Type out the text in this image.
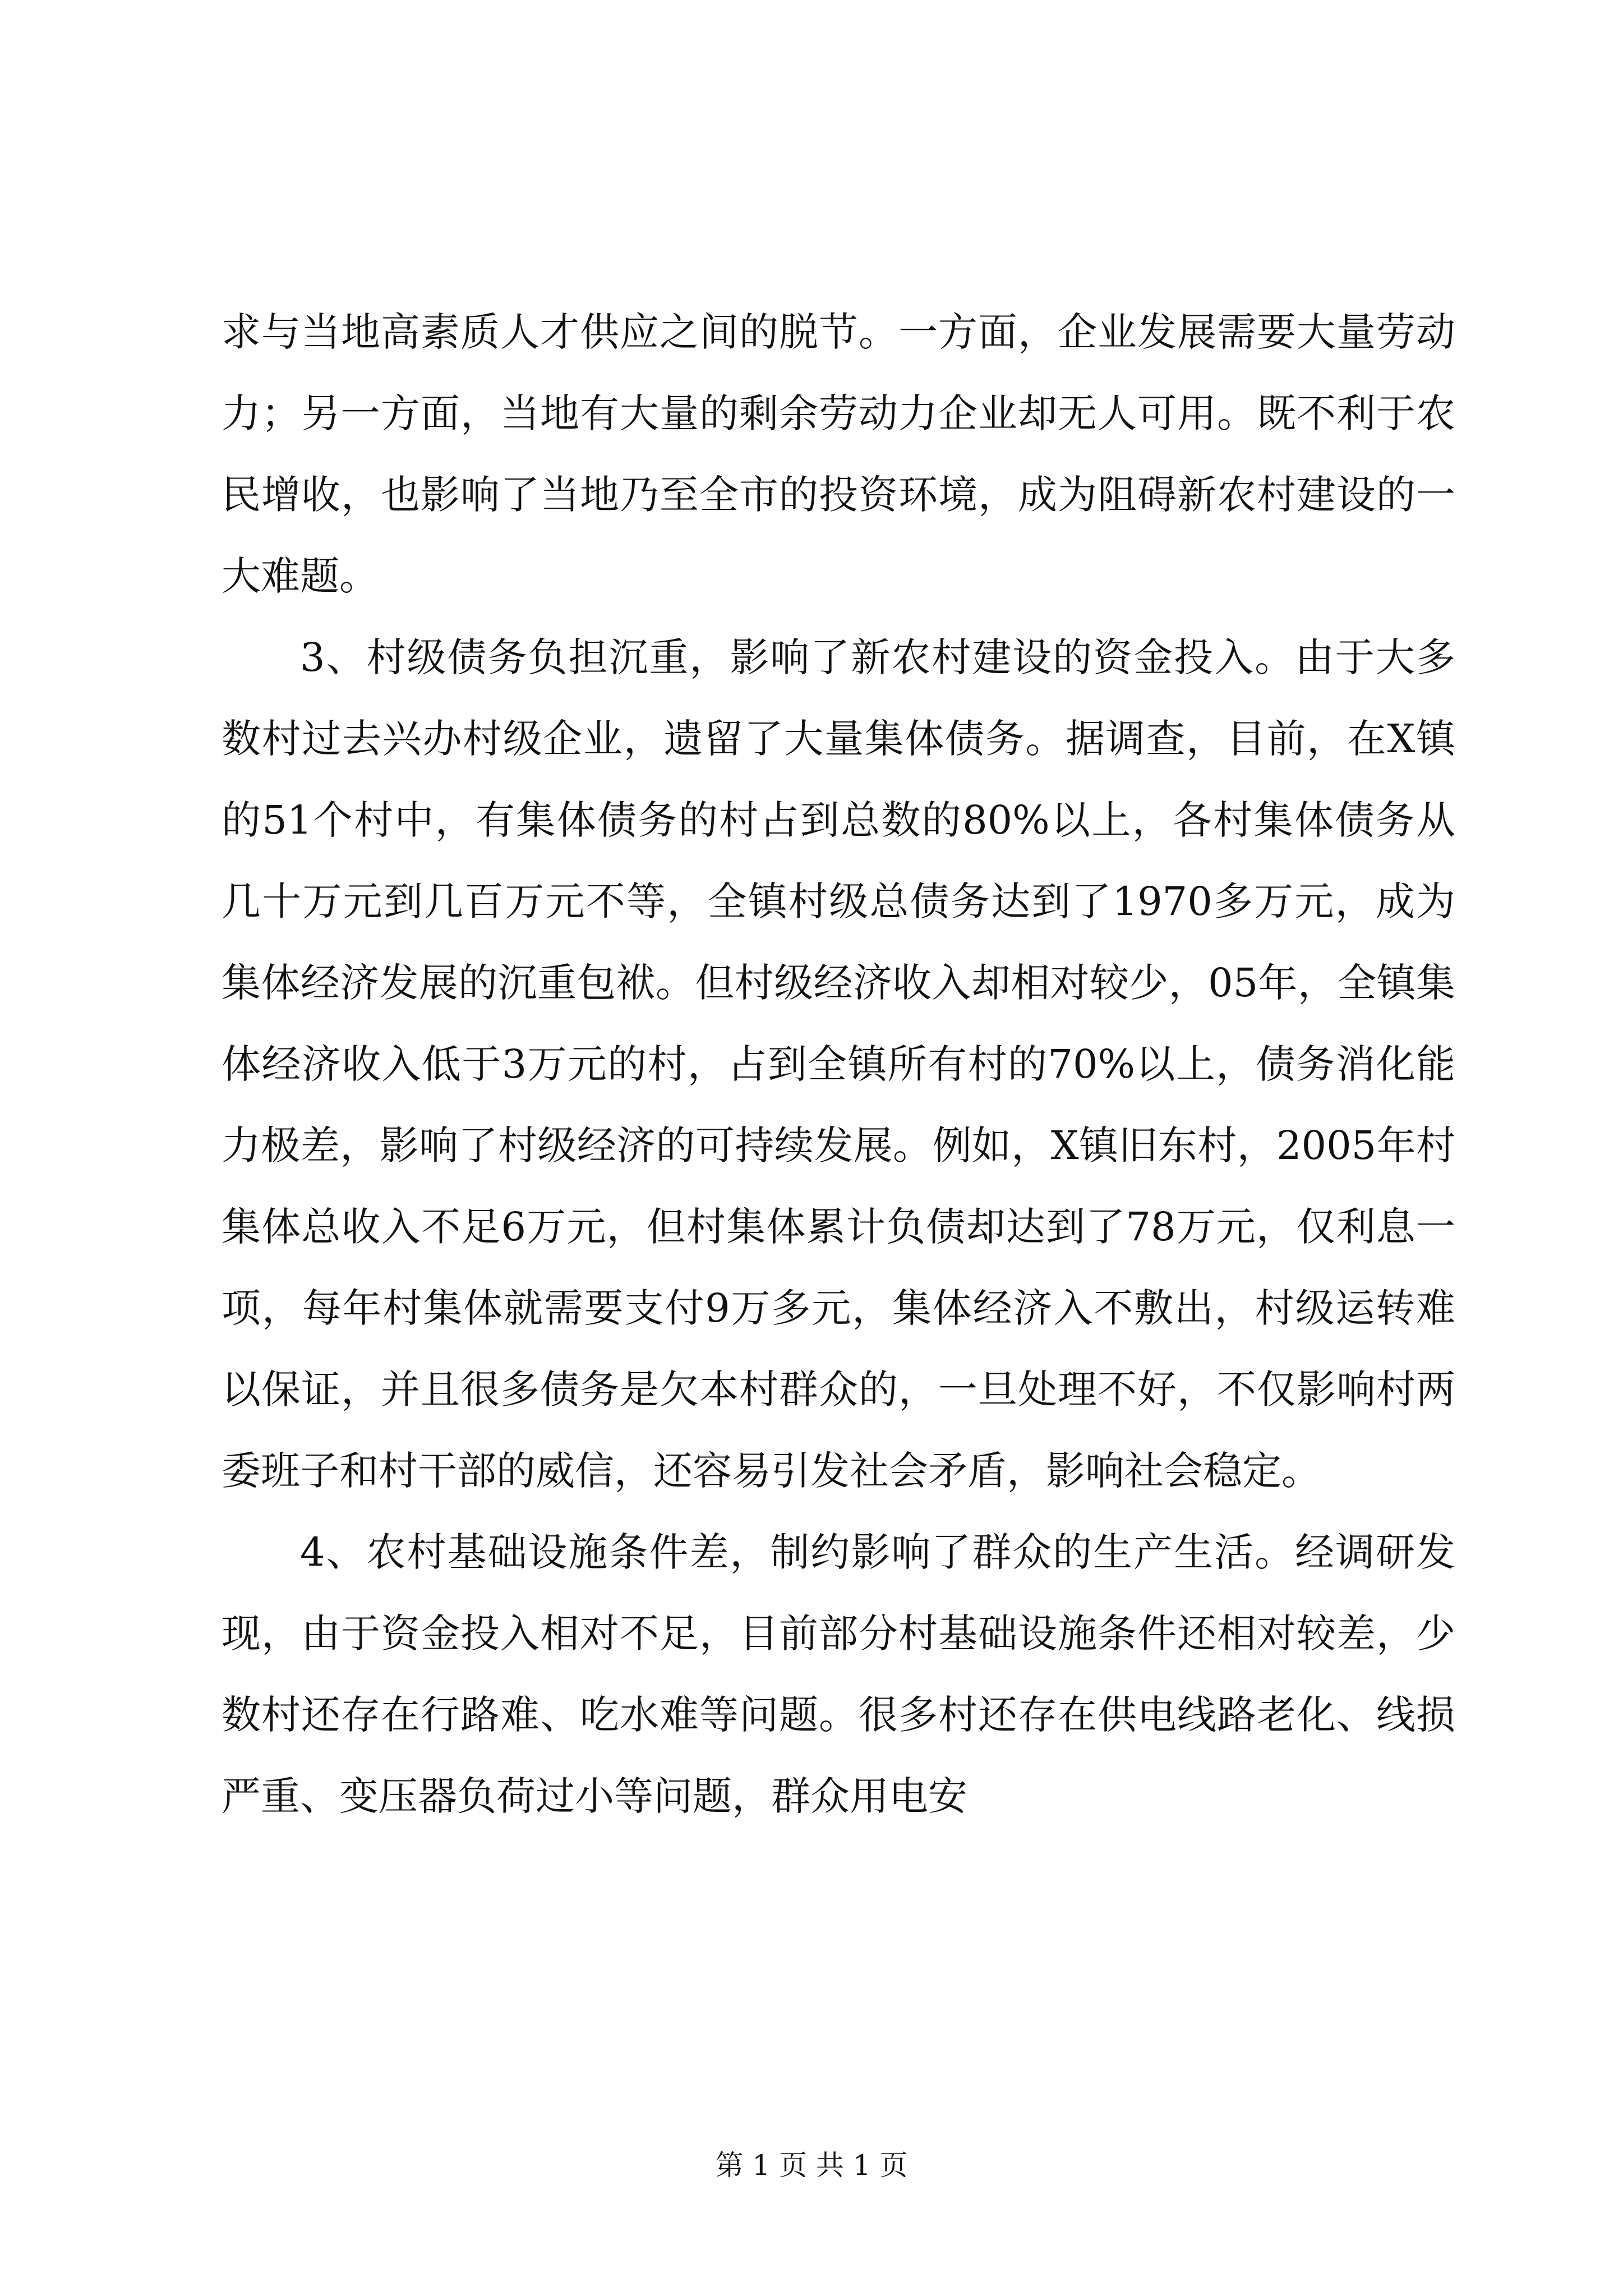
求与当地高素质人才供应之间的脱节。一方面，企业发展需要大量劳动力；另一方面，当地有大量的剩余劳动力企业却无人可用。既不利于农民增收，也影响了当地乃至全市的投资环境，成为阻碍新农村建设的一大难题。

3、村级债务负担沉重，影响了新农村建设的资金投入。由于大多数村过去兴办村级企业，遗留了大量集体债务。据调查，目前，在X镇的51个村中，有集体债务的村占到总数的80%以上，各村集体债务从几十万元到几百万元不等，全镇村级总债务达到了1970多万元，成为集体经济发展的沉重包袱。但村级经济收入却相对较少，05年，全镇集体经济收入低于3万元的村，占到全镇所有村的70%以上，债务消化能力极差，影响了村级经济的可持续发展。例如，X镇旧东村，2005年村集体总收入不足6万元，但村集体累计负债却达到了78万元，仅利息一项，每年村集体就需要支付9万多元，集体经济入不敷出，村级运转难以保证，并且很多债务是欠本村群众的，一旦处理不好，不仅影响村两委班子和村干部的威信，还容易引发社会矛盾，影响社会稳定。

4、农村基础设施条件差，制约影响了群众的生产生活。经调研发现，由于资金投入相对不足，目前部分村基础设施条件还相对较差，少数村还存在行路难、吃水难等问题。很多村还存在供电线路老化、线损严重、变压器负荷过小等问题，群众用电安

第 1 页 共 1 页
